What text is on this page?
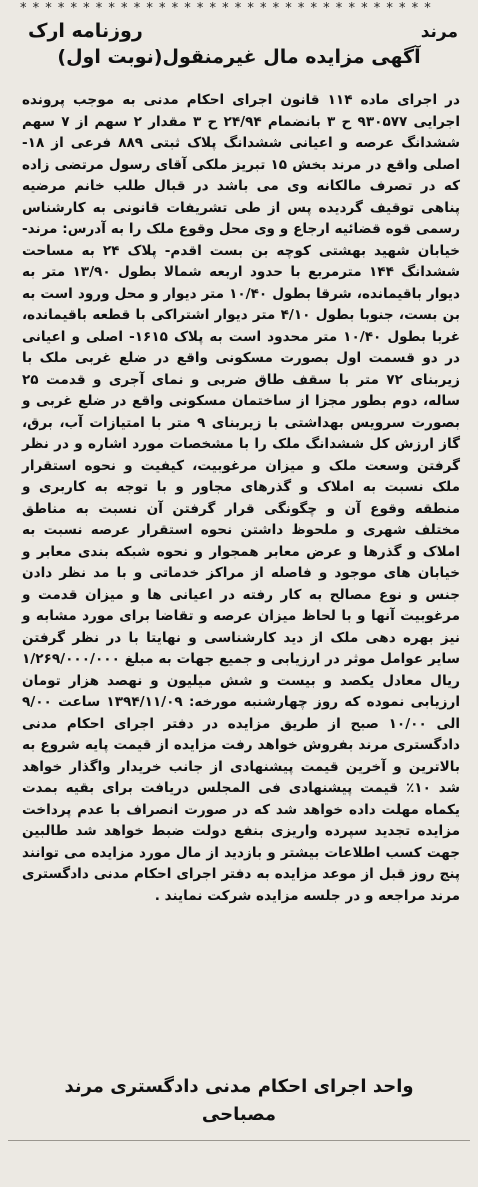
* * * * * * * * * * * * * * * * * * * * * * * * * * * * * * * * *
مرند
روزنامه ارک
آگهی مزایده مال غیرمنقول(نوبت اول)
در اجرای ماده ۱۱۴ قانون اجرای احکام مدنی به موجب پرونده اجرایی ۹۳۰۵۷۷ ح ۳ بانضمام ۲۴/۹۴ ح ۳ مقدار ۲ سهم از ۷ سهم ششدانگ عرصه و اعیانی ششدانگ پلاک ثبتی ۸۸۹ فرعی از ۱۸- اصلی واقع در مرند بخش ۱۵ تبریز ملکی آقای رسول مرتضی زاده که در تصرف مالکانه وی می باشد در قبال طلب خانم مرضیه پناهی توقیف گردیده پس از طی تشریفات قانونی به کارشناس رسمی قوه قضائیه ارجاع و وی محل وقوع ملک را به آدرس: مرند- خیابان شهید بهشتی کوچه بن بست اقدم- پلاک ۲۴ به مساحت ششدانگ ۱۴۴ مترمربع با حدود اربعه شمالا بطول ۱۳/۹۰ متر به دیوار باقیمانده، شرقا بطول ۱۰/۴۰ متر دیوار و محل ورود است به بن بست، جنوبا بطول ۴/۱۰ متر دیوار اشتراکی با قطعه باقیمانده، غربا بطول ۱۰/۴۰ متر محدود است به پلاک ۱۶۱۵- اصلی و اعیانی در دو قسمت اول بصورت مسکونی واقع در ضلع غربی ملک با زیربنای ۷۲ متر با سقف طاق ضربی و نمای آجری و قدمت ۲۵ ساله، دوم بطور مجزا از ساختمان مسکونی واقع در ضلع غربی و بصورت سرویس بهداشتی با زیربنای ۹ متر با امتیازات آب، برق، گاز ارزش کل ششدانگ ملک را با مشخصات مورد اشاره و در نظر گرفتن وسعت ملک و میزان مرغوبیت، کیفیت و نحوه استقرار ملک نسبت به املاک و گذرهای مجاور و با توجه به کاربری و منطقه وقوع آن و چگونگی قرار گرفتن آن نسبت به مناطق مختلف شهری و ملحوظ داشتن نحوه استقرار عرصه نسبت به املاک و گذرها و عرض معابر همجوار و نحوه شبکه بندی معابر و خیابان های موجود و فاصله از مراکز خدماتی و با مد نظر دادن جنس و نوع مصالح به کار رفته در اعیانی ها و میزان قدمت و مرغوبیت آنها و با لحاظ میزان عرصه و تقاضا برای مورد مشابه و نیز بهره دهی ملک از دید کارشناسی و نهایتا با در نظر گرفتن سایر عوامل موثر در ارزیابی و جمیع جهات به مبلغ ۱/۲۶۹/۰۰۰/۰۰۰ ریال معادل یکصد و بیست و شش میلیون و نهصد هزار تومان ارزیابی نموده که روز چهارشنبه مورخه: ۱۳۹۴/۱۱/۰۹ ساعت ۹/۰۰ الی ۱۰/۰۰ صبح از طریق مزایده در دفتر اجرای احکام مدنی دادگستری مرند بفروش خواهد رفت مزایده از قیمت پایه شروع به بالاترین و آخرین قیمت پیشنهادی از جانب خریدار واگذار خواهد شد ۱۰٪ قیمت پیشنهادی فی المجلس دریافت برای بقیه بمدت یکماه مهلت داده خواهد شد که در صورت انصراف با عدم پرداخت مزایده تجدید سپرده واریزی بنفع دولت ضبط خواهد شد طالبین جهت کسب اطلاعات بیشتر و بازدید از مال مورد مزایده می توانند پنج روز قبل از موعد مزایده به دفتر اجرای احکام مدنی دادگستری مرند مراجعه و در جلسه مزایده شرکت نمایند .
واحد اجرای احکام مدنی دادگستری مرند
مصباحی
